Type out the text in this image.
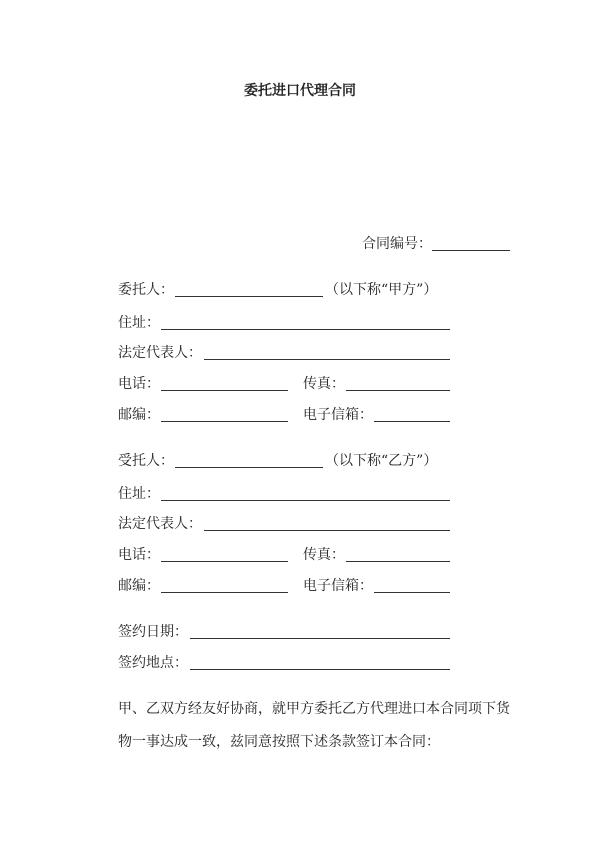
委托进口代理合同
合同编号：
委托人：	（以下称“甲方”）
住址：
法定代表人：
电话：	传真：
邮编：	电子信箱：
受托人：	（以下称“乙方”）
住址：
法定代表人：
电话：	传真：
邮编：	电子信箱：
签约日期：
签约地点：
甲、乙双方经友好协商，就甲方委托乙方代理进口本合同项下货物一事达成一致，兹同意按照下述条款签订本合同：
